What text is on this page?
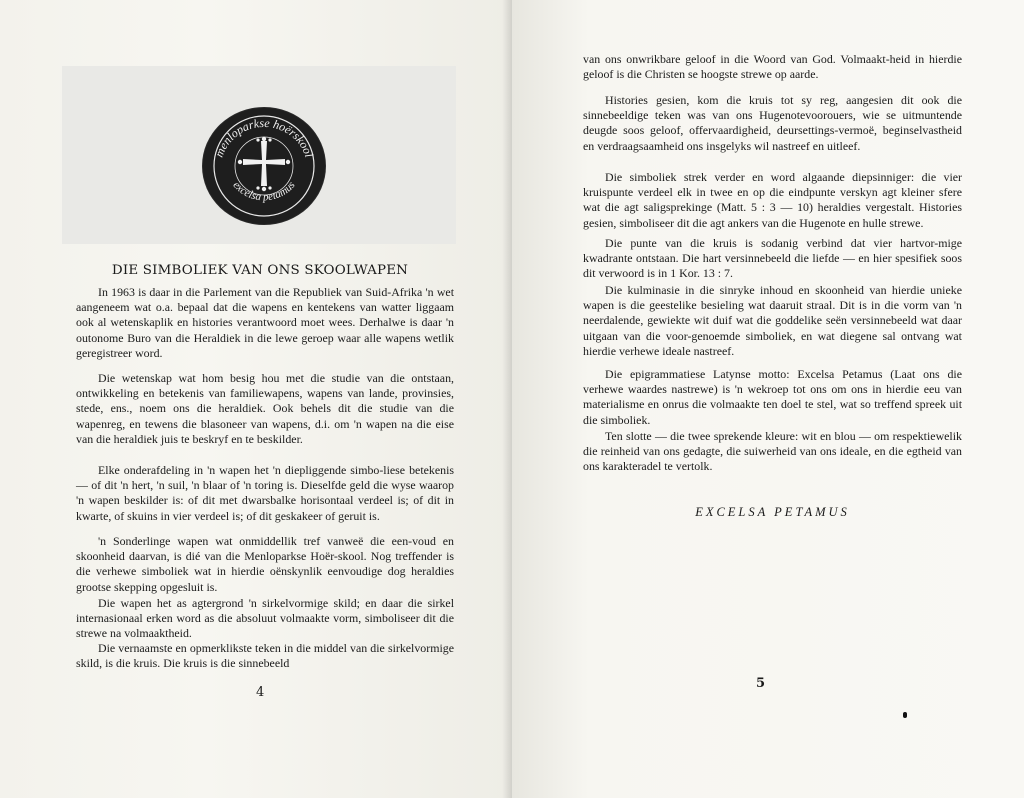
menloparkse hoërskool
excelsa petamus
DIE SIMBOLIEK VAN ONS SKOOLWAPEN

In 1963 is daar in die Parlement van die Republiek van Suid-Afrika 'n wet aangeneem wat o.a. bepaal dat die wapens en kentekens van watter liggaam ook al wetenskaplik en histories verantwoord moet wees. Derhalwe is daar 'n outonome Buro van die Heraldiek in die lewe geroep waar alle wapens wetlik geregistreer word.

Die wetenskap wat hom besig hou met die studie van die ontstaan, ontwikkeling en betekenis van familiewapens, wapens van lande, provinsies, stede, ens., noem ons die heraldiek. Ook behels dit die studie van die wapenreg, en tewens die blasoneer van wapens, d.i. om 'n wapen na die eise van die heraldiek juis te beskryf en te beskilder.

Elke onderafdeling in 'n wapen het 'n diepliggende simbo-liese betekenis — of dit 'n hert, 'n suil, 'n blaar of 'n toring is. Dieselfde geld die wyse waarop 'n wapen beskilder is: of dit met dwarsbalke horisontaal verdeel is; of dit in kwarte, of skuins in vier verdeel is; of dit geskakeer of geruit is.

'n Sonderlinge wapen wat onmiddellik tref vanweë die een-voud en skoonheid daarvan, is dié van die Menloparkse Hoër-skool. Nog treffender is die verhewe simboliek wat in hierdie oënskynlik eenvoudige dog heraldies grootse skepping opgesluit is.

Die wapen het as agtergrond 'n sirkelvormige skild; en daar die sirkel internasionaal erken word as die absoluut volmaakte vorm, simboliseer dit die strewe na volmaaktheid.

Die vernaamste en opmerklikste teken in die middel van die sirkelvormige skild, is die kruis. Die kruis is die sinnebeeld

4

van ons onwrikbare geloof in die Woord van God. Volmaakt-heid in hierdie geloof is die Christen se hoogste strewe op aarde.

Histories gesien, kom die kruis tot sy reg, aangesien dit ook die sinnebeeldige teken was van ons Hugenotevoorouers, wie se uitmuntende deugde soos geloof, offervaardigheid, deursettings-vermoë, beginselvastheid en verdraagsaamheid ons insgelyks wil nastreef en uitleef.

Die simboliek strek verder en word algaande diepsinniger: die vier kruispunte verdeel elk in twee en op die eindpunte verskyn agt kleiner sfere wat die agt saligsprekinge (Matt. 5 : 3 — 10) heraldies vergestalt. Histories gesien, simboliseer dit die agt ankers van die Hugenote en hulle strewe.

Die punte van die kruis is sodanig verbind dat vier hartvor-mige kwadrante ontstaan. Die hart versinnebeeld die liefde — en hier spesifiek soos dit verwoord is in 1 Kor. 13 : 7.

Die kulminasie in die sinryke inhoud en skoonheid van hierdie unieke wapen is die geestelike besieling wat daaruit straal. Dit is in die vorm van 'n neerdalende, gewiekte wit duif wat die goddelike seën versinnebeeld wat daar uitgaan van die voor-genoemde simboliek, en wat diegene sal ontvang wat hierdie verhewe ideale nastreef.

Die epigrammatiese Latynse motto: Excelsa Petamus (Laat ons die verhewe waardes nastrewe) is 'n wekroep tot ons om ons in hierdie eeu van materialisme en onrus die volmaakte ten doel te stel, wat so treffend spreek uit die simboliek.

Ten slotte — die twee sprekende kleure: wit en blou — om respektiewelik die reinheid van ons gedagte, die suiwerheid van ons ideale, en die egtheid van ons karakteradel te vertolk.

EXCELSA PETAMUS
5
